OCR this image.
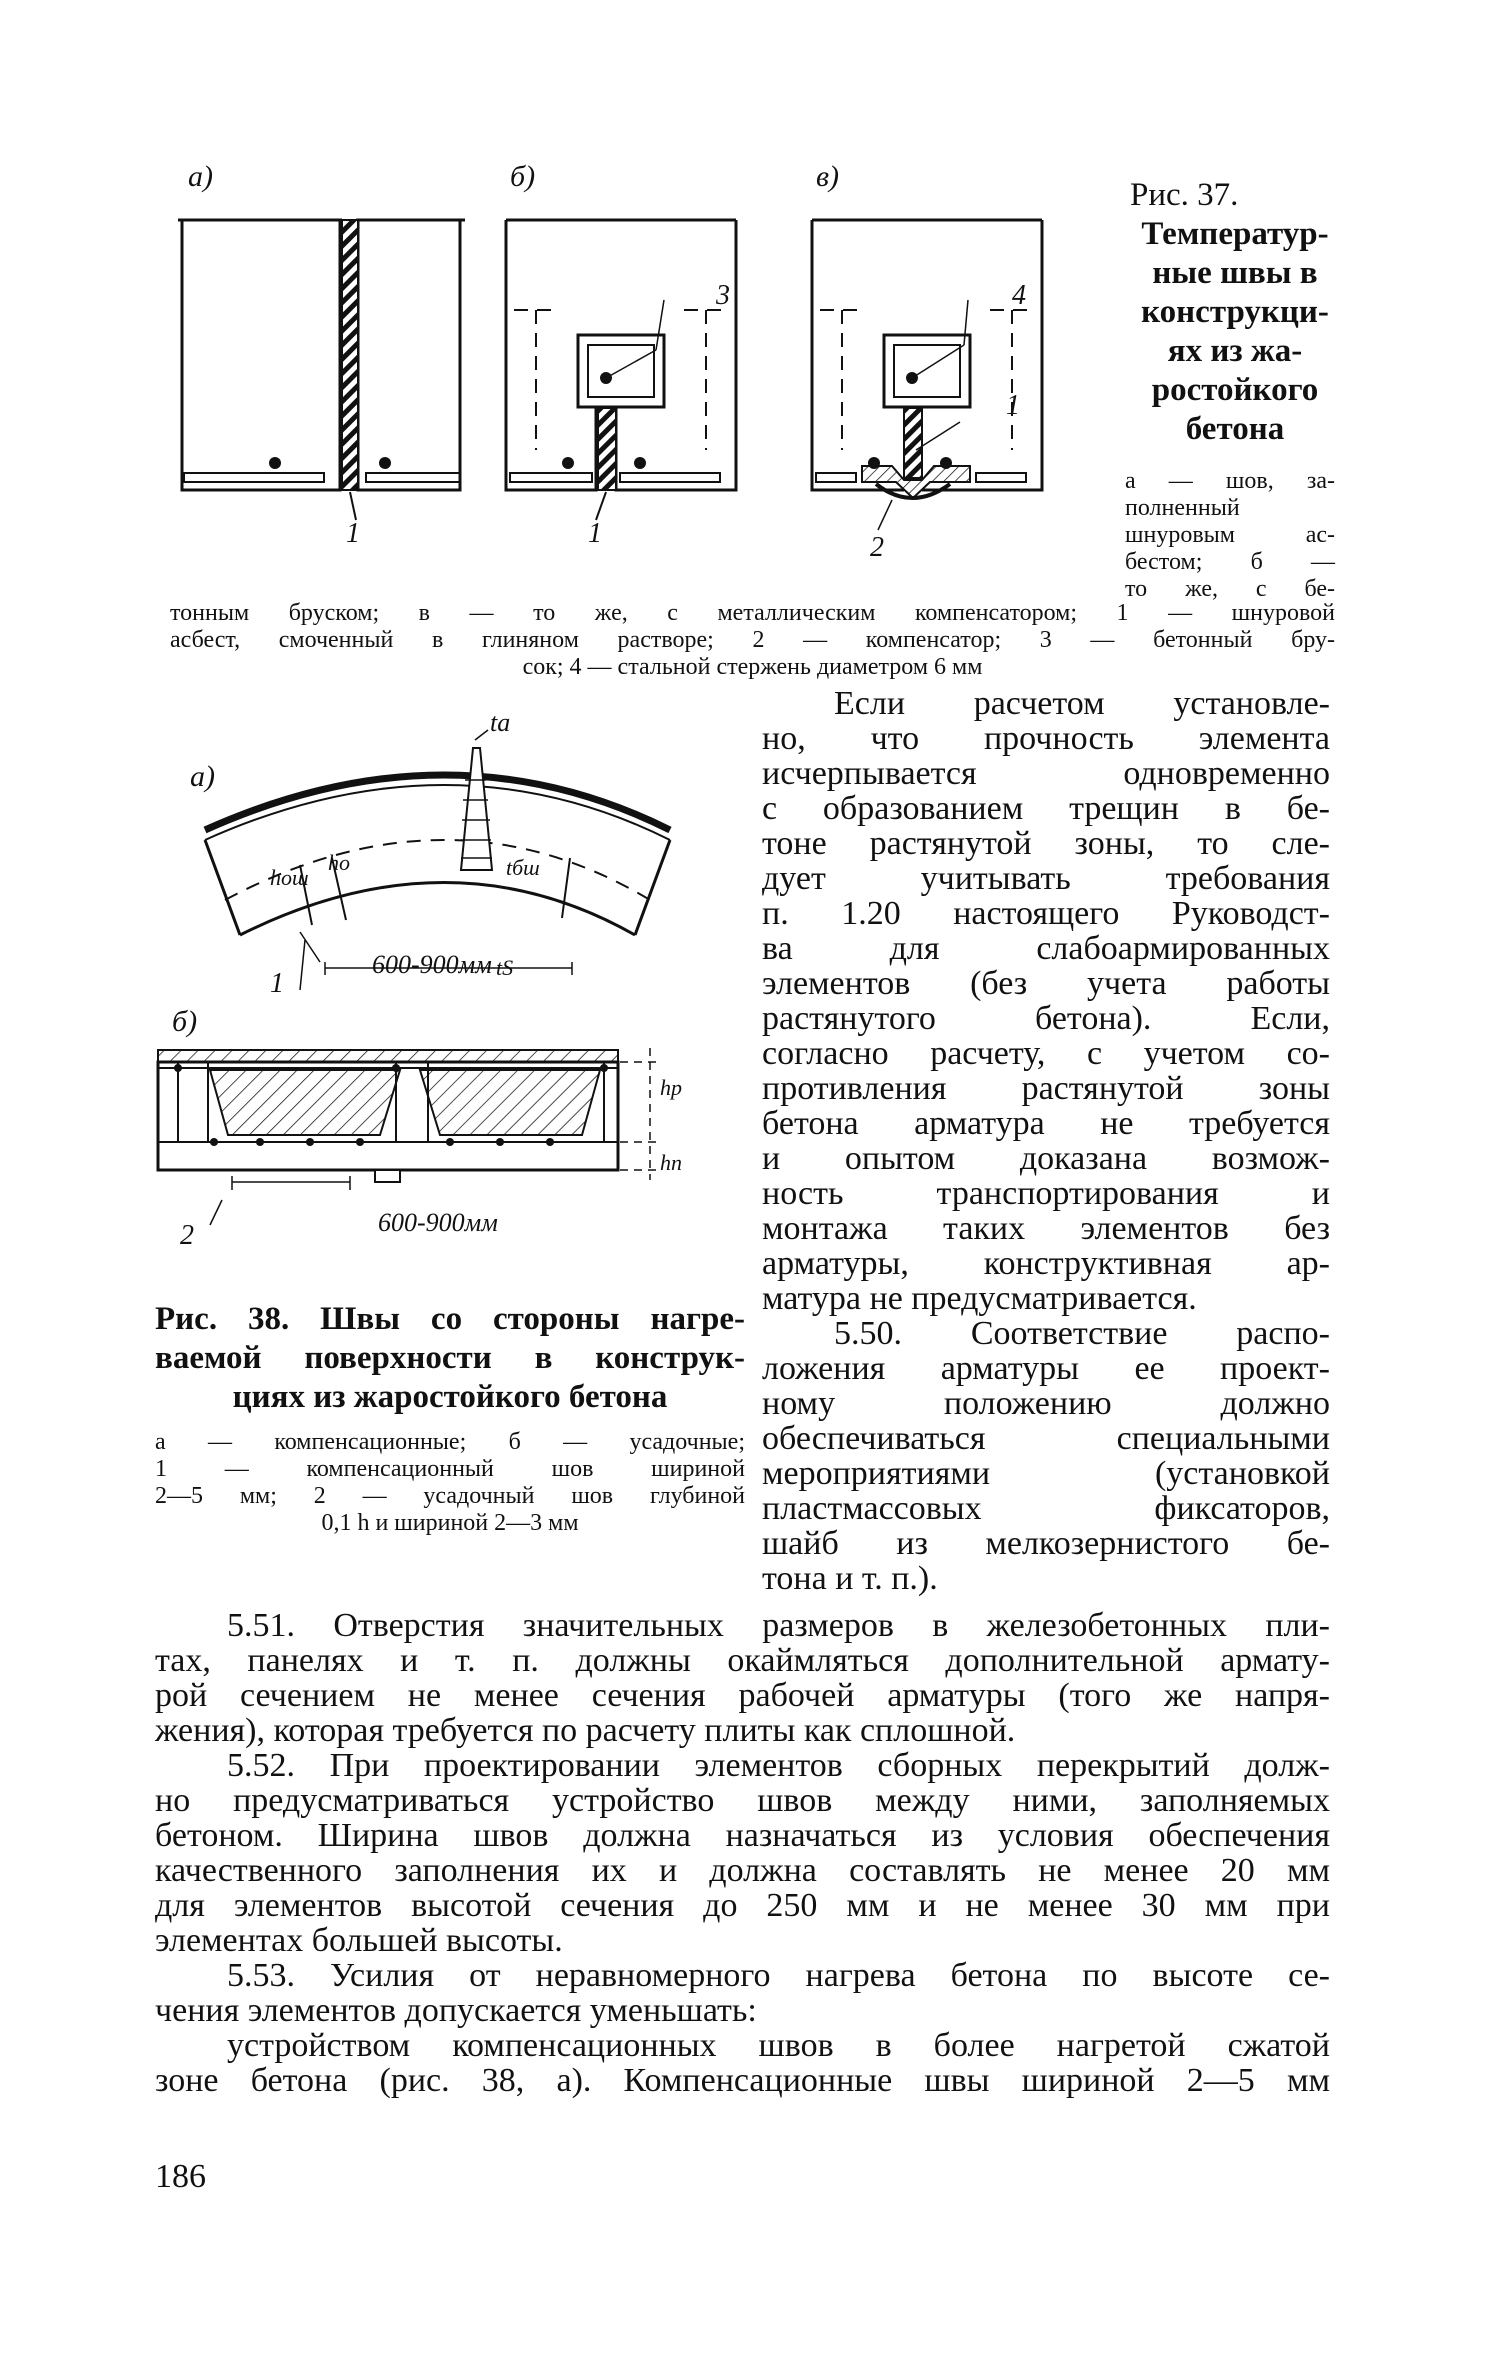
а)	б)	в)
1
3
1
4
1
2
Рис. 37.
Температур-
ные швы в
конструкци-
ях из жа-
ростойкого
бетона
а — шов, за-
полненный
шнуровым ас-
бестом; б —
то же, с бе-
тонным бруском; в — то же, с металлическим компенсатором; 1 — шнуровой
асбест, смоченный в глиняном растворе; 2 — компенсатор; 3 — бетонный бру-
сок; 4 — стальной стержень диаметром 6 мм
а)
tа
hош
hо	tбш
tS
600-900мм
1
б)
hр
hп
600-900мм
2
Рис. 38. Швы со стороны нагре-
ваемой поверхности в конструк-
циях из жаростойкого бетона
а — компенсационные; б — усадочные;
1 — компенсационный шов шириной
2—5 мм; 2 — усадочный шов глубиной
0,1 h и шириной 2—3 мм
Если расчетом установле-
но, что прочность элемента
исчерпывается одновременно
с образованием трещин в бе-
тоне растянутой зоны, то сле-
дует учитывать требования
п. 1.20 настоящего Руководст-
ва для слабоармированных
элементов (без учета работы
растянутого бетона). Если,
согласно расчету, с учетом со-
противления растянутой зоны
бетона арматура не требуется
и опытом доказана возмож-
ность транспортирования и
монтажа таких элементов без
арматуры, конструктивная ар-
матура не предусматривается.
5.50. Соответствие распо-
ложения арматуры ее проект-
ному положению должно
обеспечиваться специальными
мероприятиями (установкой
пластмассовых фиксаторов,
шайб из мелкозернистого бе-
тона и т. п.).
5.51. Отверстия значительных размеров в железобетонных пли-
тах, панелях и т. п. должны окаймляться дополнительной армату-
рой сечением не менее сечения рабочей арматуры (того же напря-
жения), которая требуется по расчету плиты как сплошной.
5.52. При проектировании элементов сборных перекрытий долж-
но предусматриваться устройство швов между ними, заполняемых
бетоном. Ширина швов должна назначаться из условия обеспечения
качественного заполнения их и должна составлять не менее 20 мм
для элементов высотой сечения до 250 мм и не менее 30 мм при
элементах большей высоты.
5.53. Усилия от неравномерного нагрева бетона по высоте се-
чения элементов допускается уменьшать:
устройством компенсационных швов в более нагретой сжатой
зоне бетона (рис. 38, а). Компенсационные швы шириной 2—5 мм
186
